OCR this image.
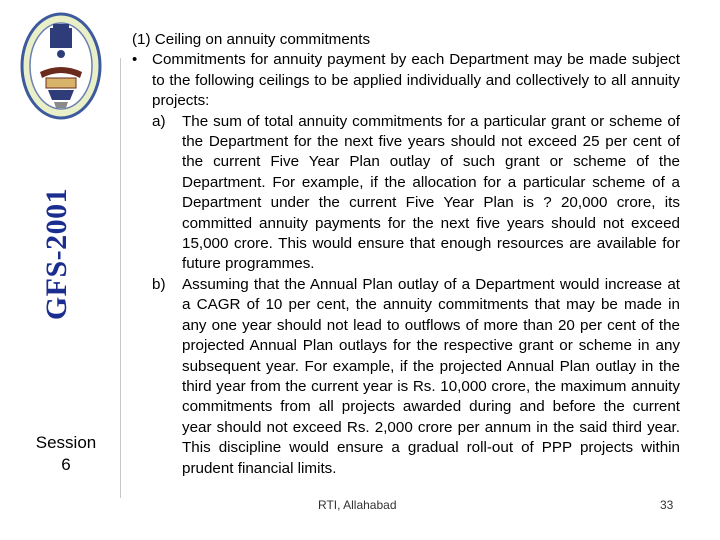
GFS-2001
Session
6
(1) Ceiling on annuity commitments
• Commitments for annuity payment by each Department may be made subject to the following ceilings to be applied individually and collectively to all annuity projects:
a) The sum of total annuity commitments for a particular grant or scheme of the Department for the next five years should not exceed 25 per cent of the current Five Year Plan outlay of such grant or scheme of the Department. For example, if the allocation for a particular scheme of a Department under the current Five Year Plan is ? 20,000 crore, its committed annuity payments for the next five years should not exceed 15,000 crore. This would ensure that enough resources are available for future programmes.
b) Assuming that the Annual Plan outlay of a Department would increase at a CAGR of 10 per cent, the annuity commitments that may be made in any one year should not lead to outflows of more than 20 per cent of the projected Annual Plan outlays for the respective grant or scheme in any subsequent year. For example, if the projected Annual Plan outlay in the third year from the current year is Rs. 10,000 crore, the maximum annuity commitments from all projects awarded during and before the current year should not exceed Rs. 2,000 crore per annum in the said third year. This discipline would ensure a gradual roll-out of PPP projects within prudent financial limits.
RTI, Allahabad	33
